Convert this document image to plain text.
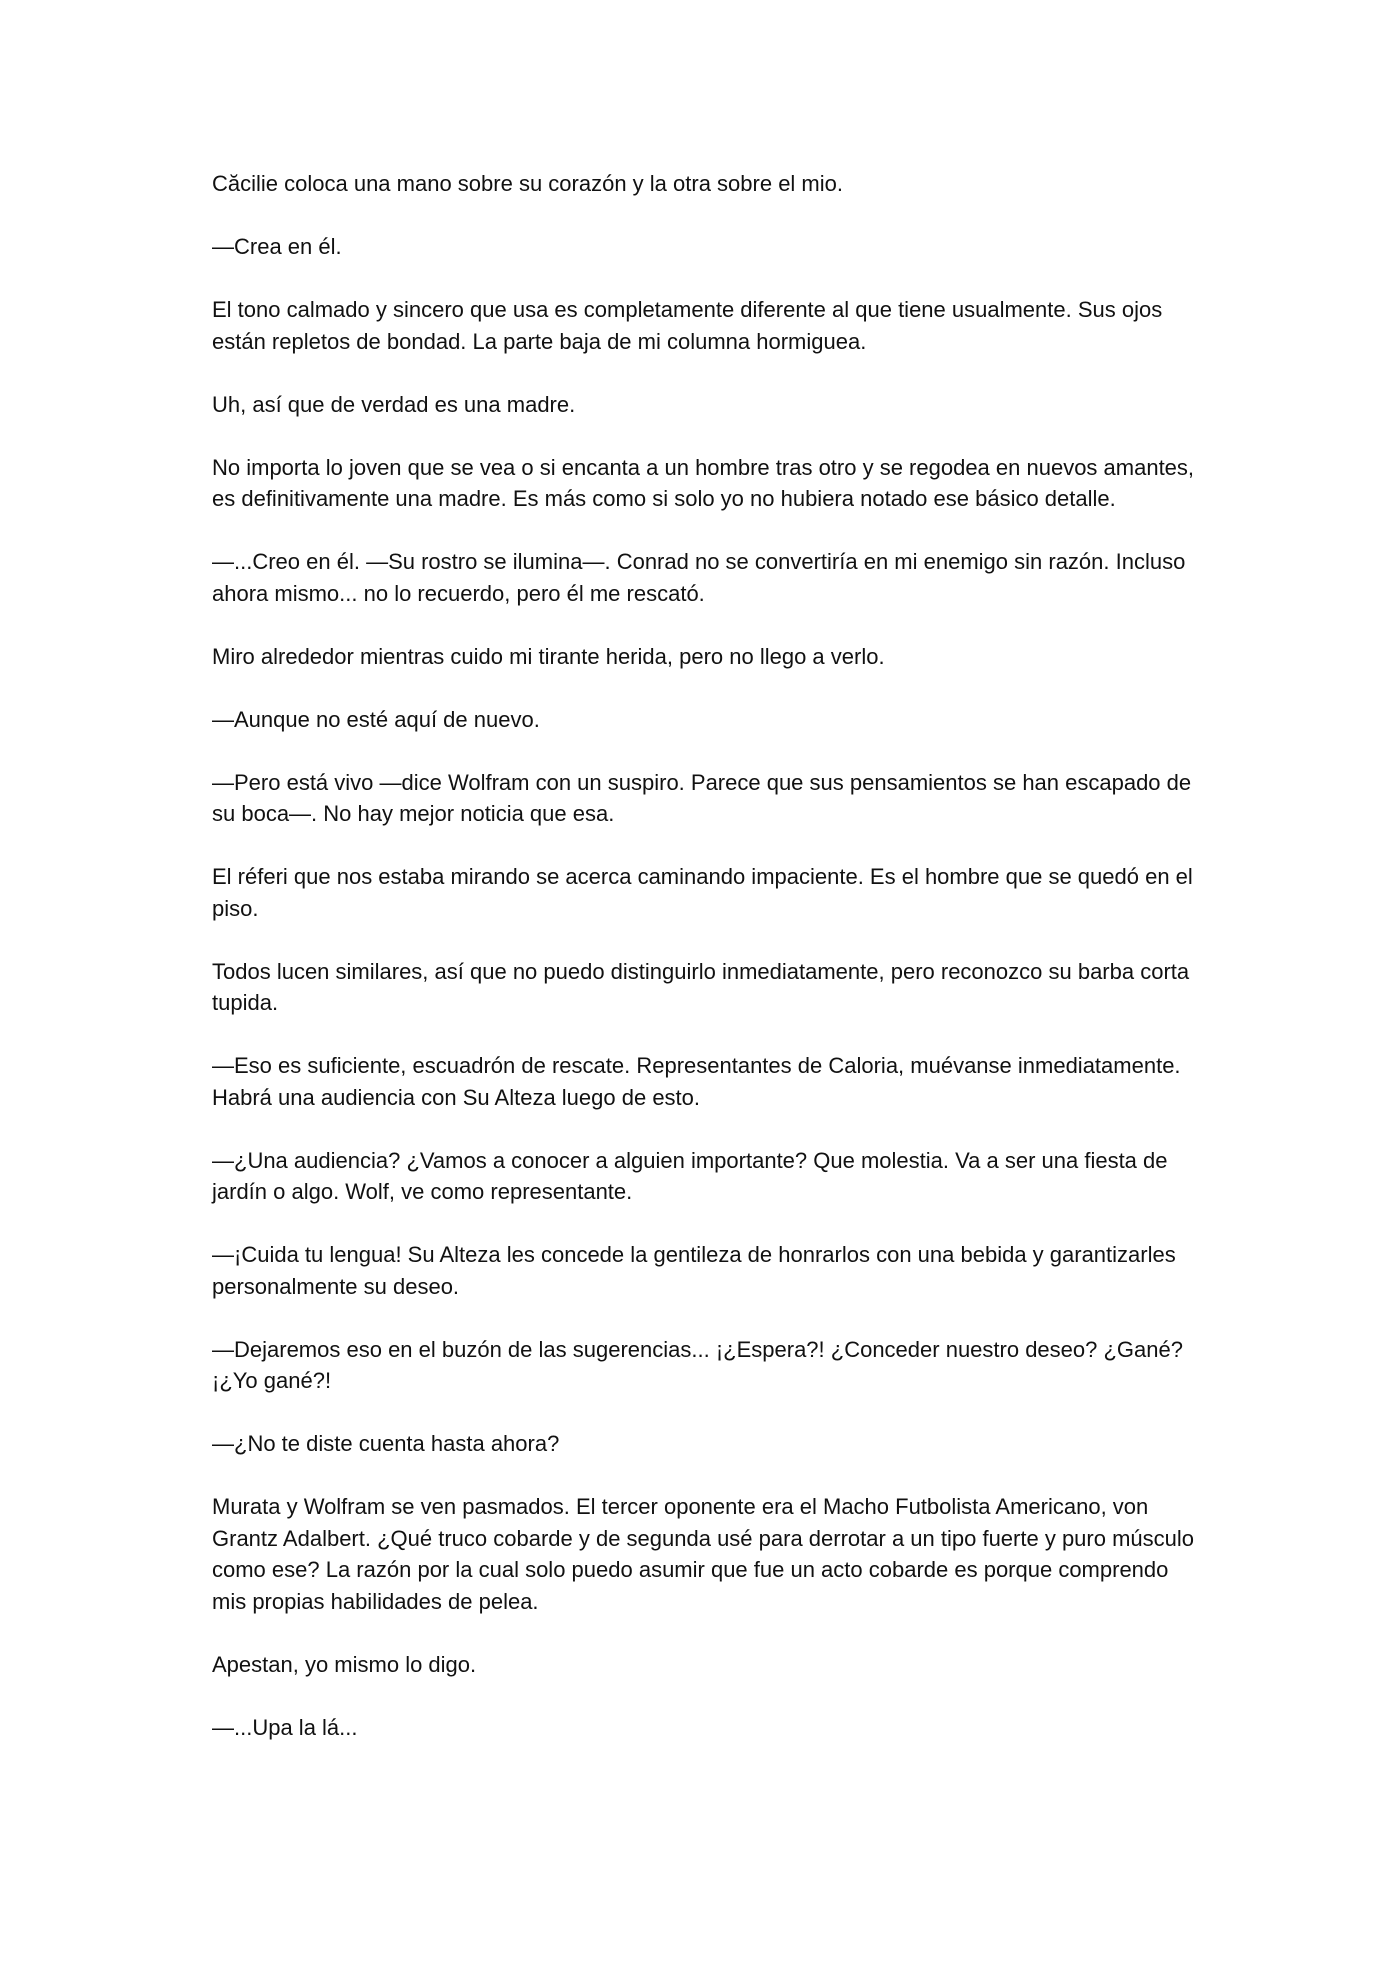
Căcilie coloca una mano sobre su corazón y la otra sobre el mio.

—Crea en él.

El tono calmado y sincero que usa es completamente diferente al que tiene usualmente. Sus ojos están repletos de bondad. La parte baja de mi columna hormiguea.

Uh, así que de verdad es una madre.

No importa lo joven que se vea o si encanta a un hombre tras otro y se regodea en nuevos amantes, es definitivamente una madre. Es más como si solo yo no hubiera notado ese básico detalle.

—...Creo en él. —Su rostro se ilumina—. Conrad no se convertiría en mi enemigo sin razón. Incluso ahora mismo... no lo recuerdo, pero él me rescató.

Miro alrededor mientras cuido mi tirante herida, pero no llego a verlo.

—Aunque no esté aquí de nuevo.

—Pero está vivo —dice Wolfram con un suspiro. Parece que sus pensamientos se han escapado de su boca—. No hay mejor noticia que esa.

El réferi que nos estaba mirando se acerca caminando impaciente. Es el hombre que se quedó en el piso.

Todos lucen similares, así que no puedo distinguirlo inmediatamente, pero reconozco su barba corta tupida.

—Eso es suficiente, escuadrón de rescate. Representantes de Caloria, muévanse inmediatamente. Habrá una audiencia con Su Alteza luego de esto.

—¿Una audiencia? ¿Vamos a conocer a alguien importante? Que molestia. Va a ser una fiesta de jardín o algo. Wolf, ve como representante.

—¡Cuida tu lengua! Su Alteza les concede la gentileza de honrarlos con una bebida y garantizarles personalmente su deseo.

—Dejaremos eso en el buzón de las sugerencias... ¡¿Espera?! ¿Conceder nuestro deseo? ¿Gané? ¡¿Yo gané?!

—¿No te diste cuenta hasta ahora?

Murata y Wolfram se ven pasmados. El tercer oponente era el Macho Futbolista Americano, von Grantz Adalbert. ¿Qué truco cobarde y de segunda usé para derrotar a un tipo fuerte y puro músculo como ese? La razón por la cual solo puedo asumir que fue un acto cobarde es porque comprendo mis propias habilidades de pelea.

Apestan, yo mismo lo digo.

—...Upa la lá...
